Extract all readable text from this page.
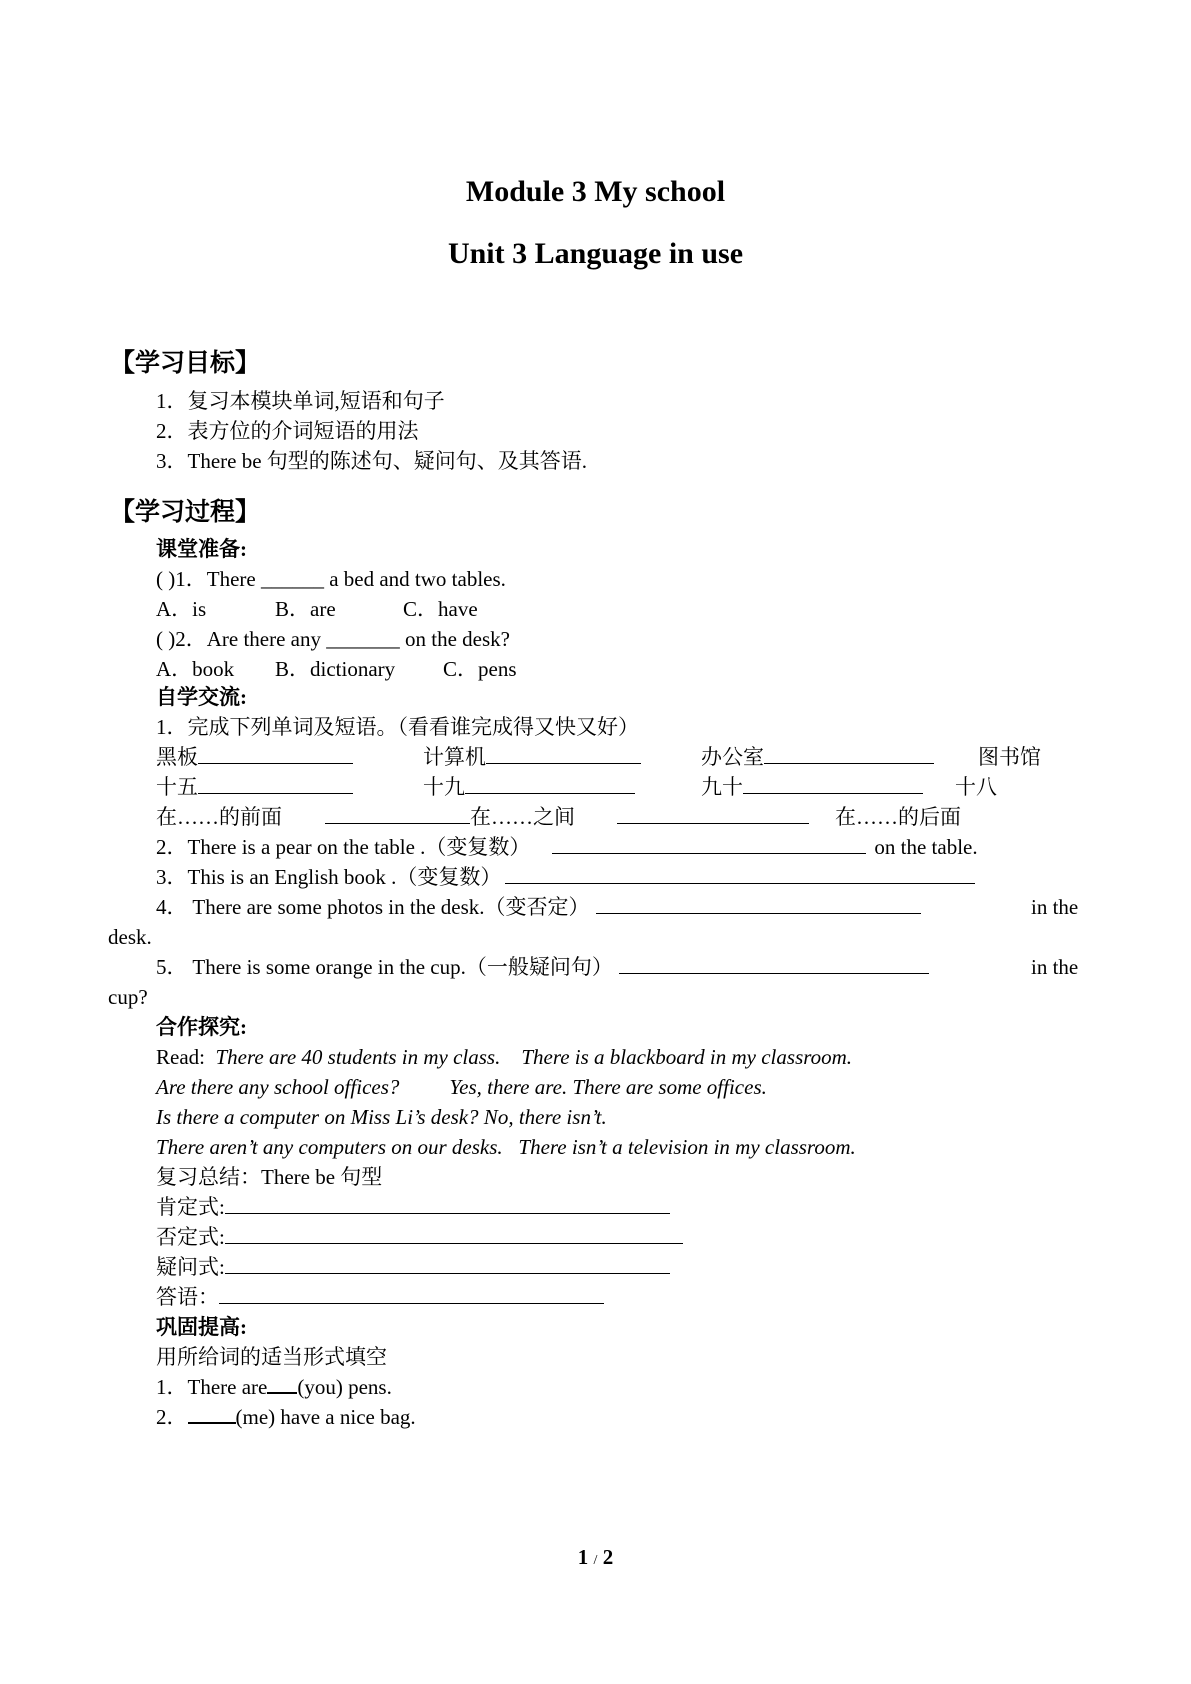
Module 3 My school
Unit 3 Language in use
【学习目标】
1．复习本模块单词,短语和句子
2．表方位的介词短语的用法
3．There be 句型的陈述句、疑问句、及其答语.
【学习过程】
课堂准备:
( )1．There ______ a bed and two tables.
A．is	B．are	C．have
( )2．Are there any _______ on the desk?
A．book B．dictionary C．pens
自学交流:
1．完成下列单词及短语。（看看谁完成得又快又好）
黑板	计算机	办公室	图书馆
十五	十九	九十	十八
在……的前面	在……之间	在……的后面
2．There is a pear on the table .（变复数）	on the table.
3．This is an English book .（变复数）
4． There are some photos in the desk.（变否定）	in the
desk.
5． There is some orange in the cup.（一般疑问句）	in the
cup?
合作探究:
Read: There are 40 students in my class. There is a blackboard in my classroom.
Are there any school offices? Yes, there are. There are some offices.
Is there a computer on Miss Li’s desk? No, there isn’t.
There aren’t any computers on our desks. There isn’t a television in my classroom.
复习总结：There be 句型
肯定式:
否定式:
疑问式:
答语：
巩固提高:
用所给词的适当形式填空
1．There are (you) pens.
2． (me) have a nice bag.
1 / 2
